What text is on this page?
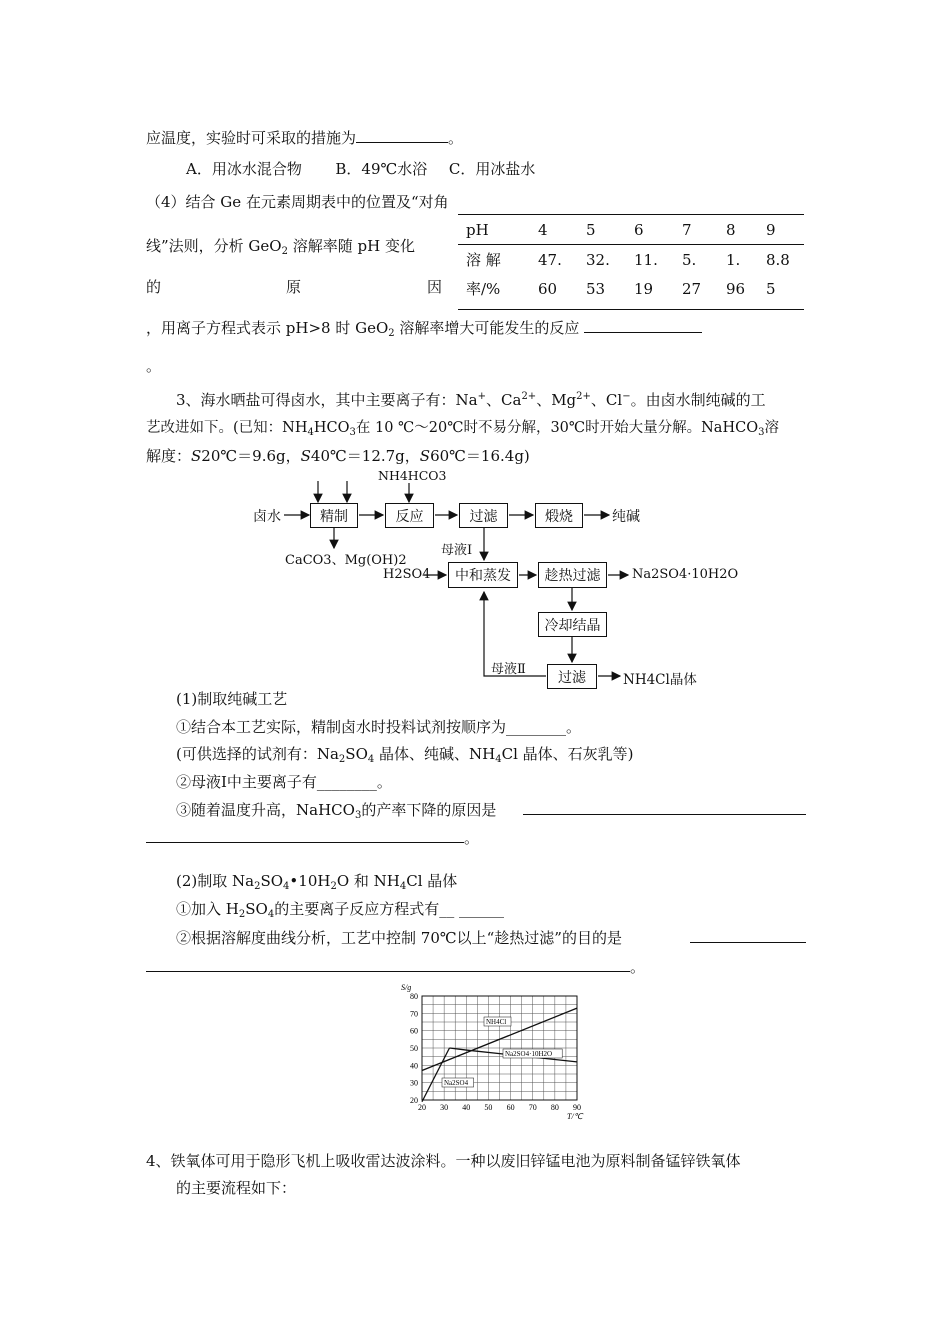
应温度，实验时可采取的措施为	。
A．用冰水混合物 B．49℃水浴 C．用冰盐水
（4）结合 Ge 在元素周期表中的位置及“对角
线”法则，分析 GeO$_2$ 溶解率随 pH 变化
的	原	因
pH	4	5	6	7	8	9
溶 解	47.	32.	11.	5.	1.	8.8
率/%	60	53	19	27	96	5
，用离子方程式表示 pH>8 时 GeO$_2$ 溶解率增大可能发生的反应
。
3、海水晒盐可得卤水，其中主要离子有：Na+、$Ca^{2+}$、$Mg^{2+}$、Cl−。由卤水制纯碱的工
艺改进如下。(已知：$NH_4HCO_3$在 10 ℃～20℃时不易分解，30℃时开始大量分解。NaHCO$_3$溶
解度：S20℃＝9.6g，S40℃＝12.7g，S60℃＝16.4g)
NH4HCO3
卤水	精制	反应	过滤	煅烧	纯碱
CaCO3、Mg(OH)2
母液Ⅰ
H2SO4	中和蒸发	趁热过滤	Na2SO4·10H2O
冷却结晶
母液Ⅱ	过滤	NH4Cl晶体
(1)制取纯碱工艺
①结合本工艺实际，精制卤水时投料试剂按顺序为________。
(可供选择的试剂有：$Na_2SO_4$ 晶体、纯碱、$NH_4Cl$ 晶体、石灰乳等)
②母液Ⅰ中主要离子有________。
③随着温度升高，NaHCO$_3$的产率下降的原因是
。
(2)制取 $Na_2SO_4•10H_2O$ 和 $NH_4Cl$ 晶体
①加入 $H_2SO_4$的主要离子反应方程式有__ ______
②根据溶解度曲线分析，工艺中控制 70℃以上“趁热过滤”的目的是
。
20 30 40 50 60 70 80 90
20
30
40
50
60
70
80
S/g
T/℃
NH4Cl
Na2SO4·10H2O
Na2SO4
4、铁氧体可用于隐形飞机上吸收雷达波涂料。一种以废旧锌锰电池为原料制备锰锌铁氧体
的主要流程如下：
